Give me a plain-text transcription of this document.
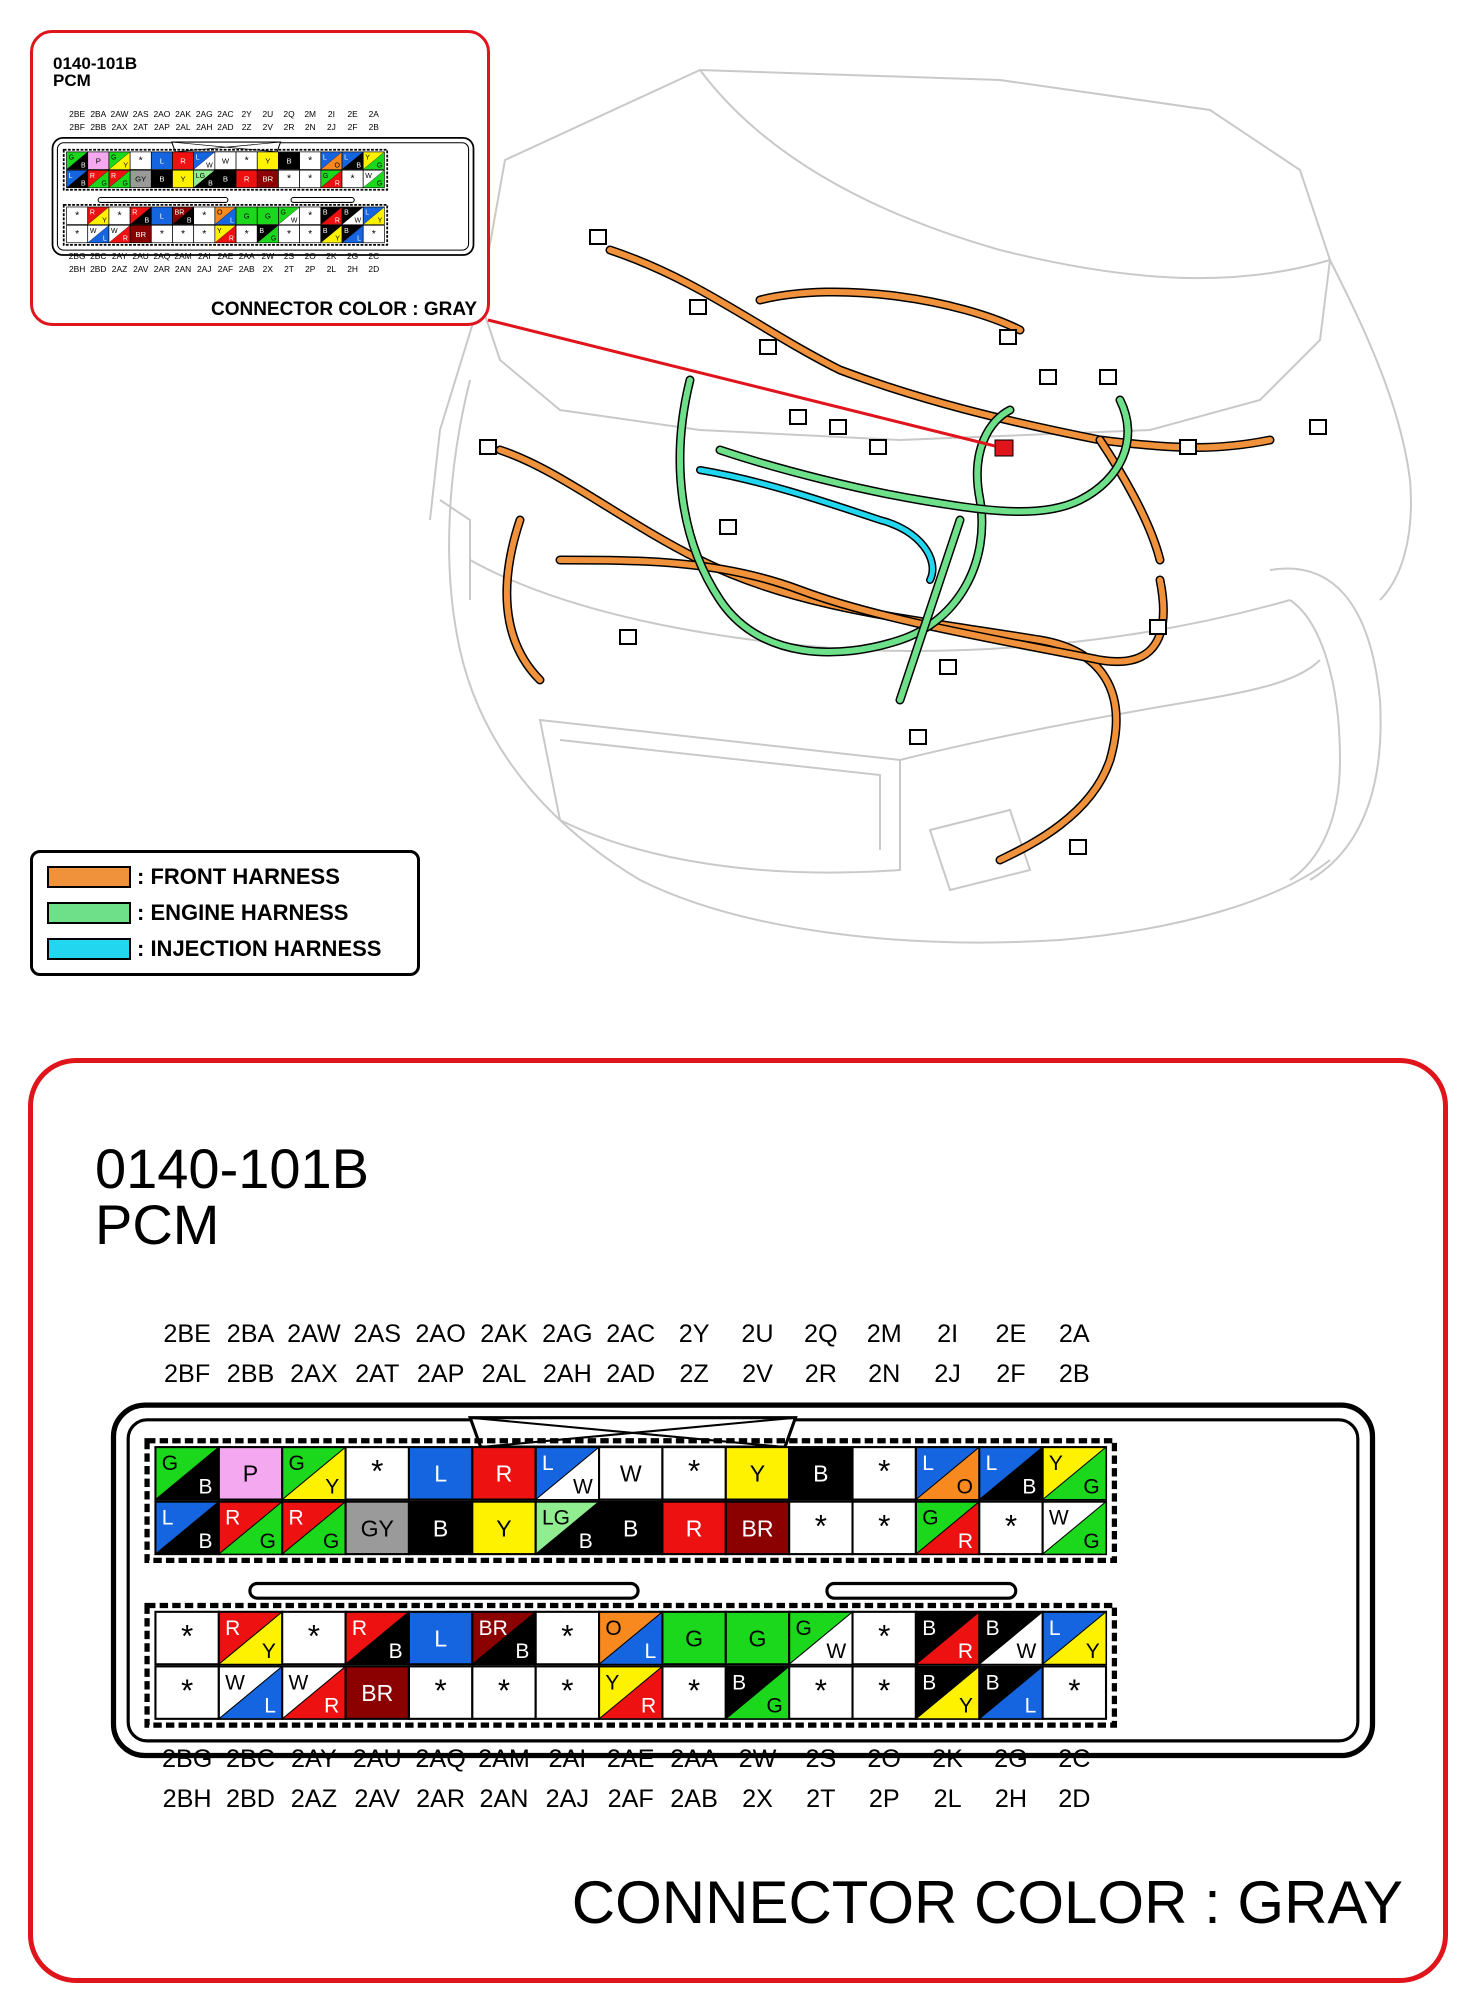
0140-101B
PCM
G
B
P G
Y * L R L
W
W * Y B * L
O
L
B
Y
G
L
B
R
G
R
G
GY B Y LG
B
B R BR * * G
R * W
G
* R
Y * R
B
L BR
B * O
L
G G G
W * B
R
B
W
L
Y
* W
L
W
R
BR * * * Y
R * B
G * * B
Y
B
L *
2BE 2BA 2AW 2AS 2AO 2AK 2AG 2AC 2Y 2U 2Q 2M 2I 2E 2A
2BF 2BB 2AX 2AT 2AP 2AL 2AH 2AD 2Z 2V 2R 2N 2J 2F 2B
2BG 2BC 2AY 2AU 2AQ 2AM 2AI 2AE 2AA 2W 2S 2O 2K 2G 2C
2BH 2BD 2AZ 2AV 2AR 2AN 2AJ 2AF 2AB 2X 2T 2P 2L 2H 2D
CONNECTOR COLOR : GRAY
: FRONT HARNESS
: ENGINE HARNESS
: INJECTION HARNESS
0140-101B
PCM
G
B
P G
Y * L R L
W
W * Y B * L
O
L
B
Y
G
L
B
R
G
R
G
GY B Y LG
B
B R BR * * G
R * W
G
* R
Y * R
B
L BR
B * O
L
G G G
W * B
R
B
W
L
Y
* W
L
W
R
BR * * * Y
R * B
G * * B
Y
B
L *
2BE 2BA 2AW 2AS 2AO 2AK 2AG 2AC 2Y 2U 2Q 2M 2I 2E 2A
2BF 2BB 2AX 2AT 2AP 2AL 2AH 2AD 2Z 2V 2R 2N 2J 2F 2B
2BG 2BC 2AY 2AU 2AQ 2AM 2AI 2AE 2AA 2W 2S 2O 2K 2G 2C
2BH 2BD 2AZ 2AV 2AR 2AN 2AJ 2AF 2AB 2X 2T 2P 2L 2H 2D
CONNECTOR COLOR : GRAY
